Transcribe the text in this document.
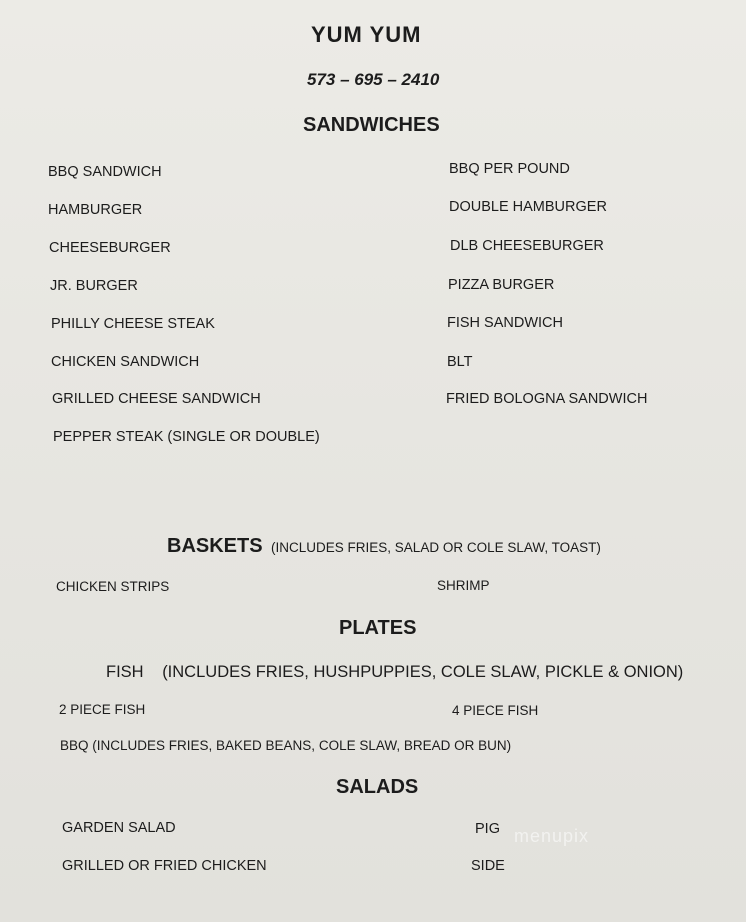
YUM YUM
573 – 695 – 2410
SANDWICHES
BBQ SANDWICH
HAMBURGER
CHEESEBURGER
JR. BURGER
PHILLY CHEESE STEAK
CHICKEN SANDWICH
GRILLED CHEESE SANDWICH
PEPPER STEAK (SINGLE OR DOUBLE)
BBQ PER POUND
DOUBLE HAMBURGER
DLB CHEESEBURGER
PIZZA BURGER
FISH SANDWICH
BLT
FRIED BOLOGNA SANDWICH
BASKETS (INCLUDES FRIES, SALAD OR COLE SLAW, TOAST)
CHICKEN STRIPS	SHRIMP
PLATES
FISH (INCLUDES FRIES, HUSHPUPPIES, COLE SLAW, PICKLE & ONION)
2 PIECE FISH	4 PIECE FISH
BBQ (INCLUDES FRIES, BAKED BEANS, COLE SLAW, BREAD OR BUN)
SALADS
GARDEN SALAD
GRILLED OR FRIED CHICKEN
PIG
SIDE
menupix
